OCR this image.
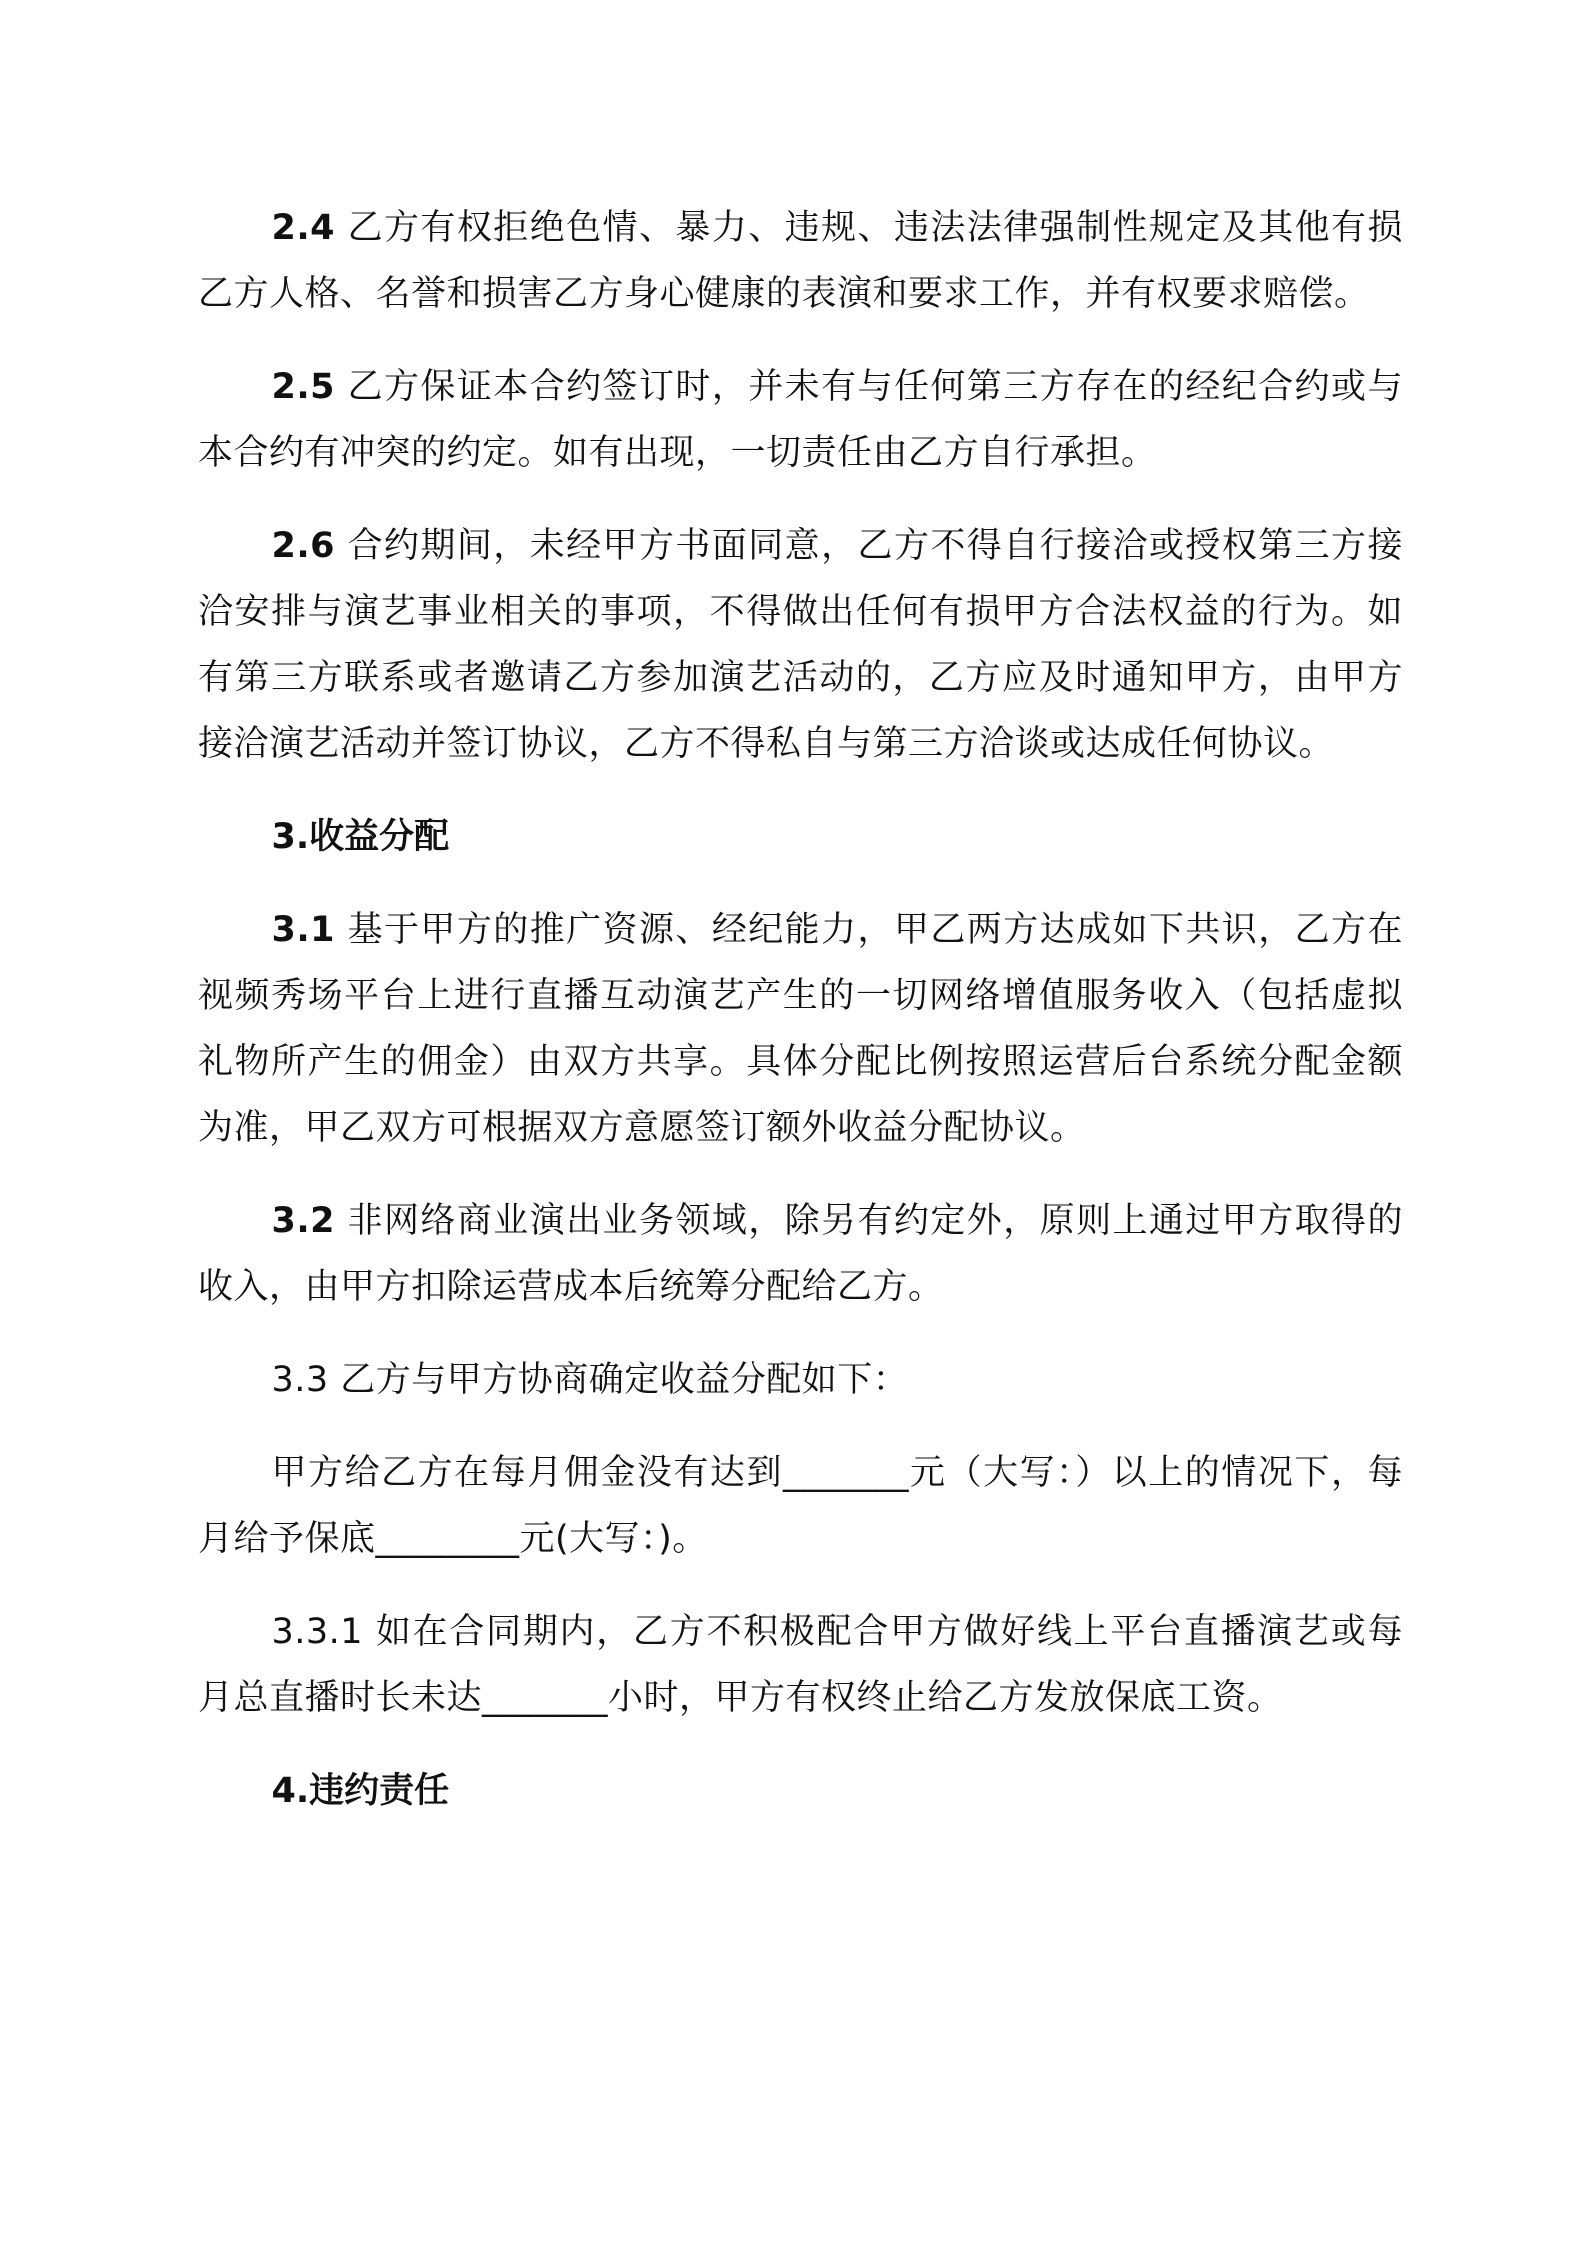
2.4 乙方有权拒绝色情、暴力、违规、违法法律强制性规定及其他有损乙方人格、名誉和损害乙方身心健康的表演和要求工作，并有权要求赔偿。

2.5 乙方保证本合约签订时，并未有与任何第三方存在的经纪合约或与本合约有冲突的约定。如有出现，一切责任由乙方自行承担。

2.6 合约期间，未经甲方书面同意，乙方不得自行接洽或授权第三方接洽安排与演艺事业相关的事项，不得做出任何有损甲方合法权益的行为。如有第三方联系或者邀请乙方参加演艺活动的，乙方应及时通知甲方，由甲方接洽演艺活动并签订协议，乙方不得私自与第三方洽谈或达成任何协议。

3.收益分配

3.1 基于甲方的推广资源、经纪能力，甲乙两方达成如下共识，乙方在视频秀场平台上进行直播互动演艺产生的一切网络增值服务收入（包括虚拟礼物所产生的佣金）由双方共享。具体分配比例按照运营后台系统分配金额为准，甲乙双方可根据双方意愿签订额外收益分配协议。

3.2 非网络商业演出业务领域，除另有约定外，原则上通过甲方取得的收入，由甲方扣除运营成本后统筹分配给乙方。

3.3 乙方与甲方协商确定收益分配如下：

甲方给乙方在每月佣金没有达到_______元（大写：）以上的情况下，每月给予保底________元(大写：)。

3.3.1 如在合同期内，乙方不积极配合甲方做好线上平台直播演艺或每月总直播时长未达_______小时，甲方有权终止给乙方发放保底工资。

4.违约责任
